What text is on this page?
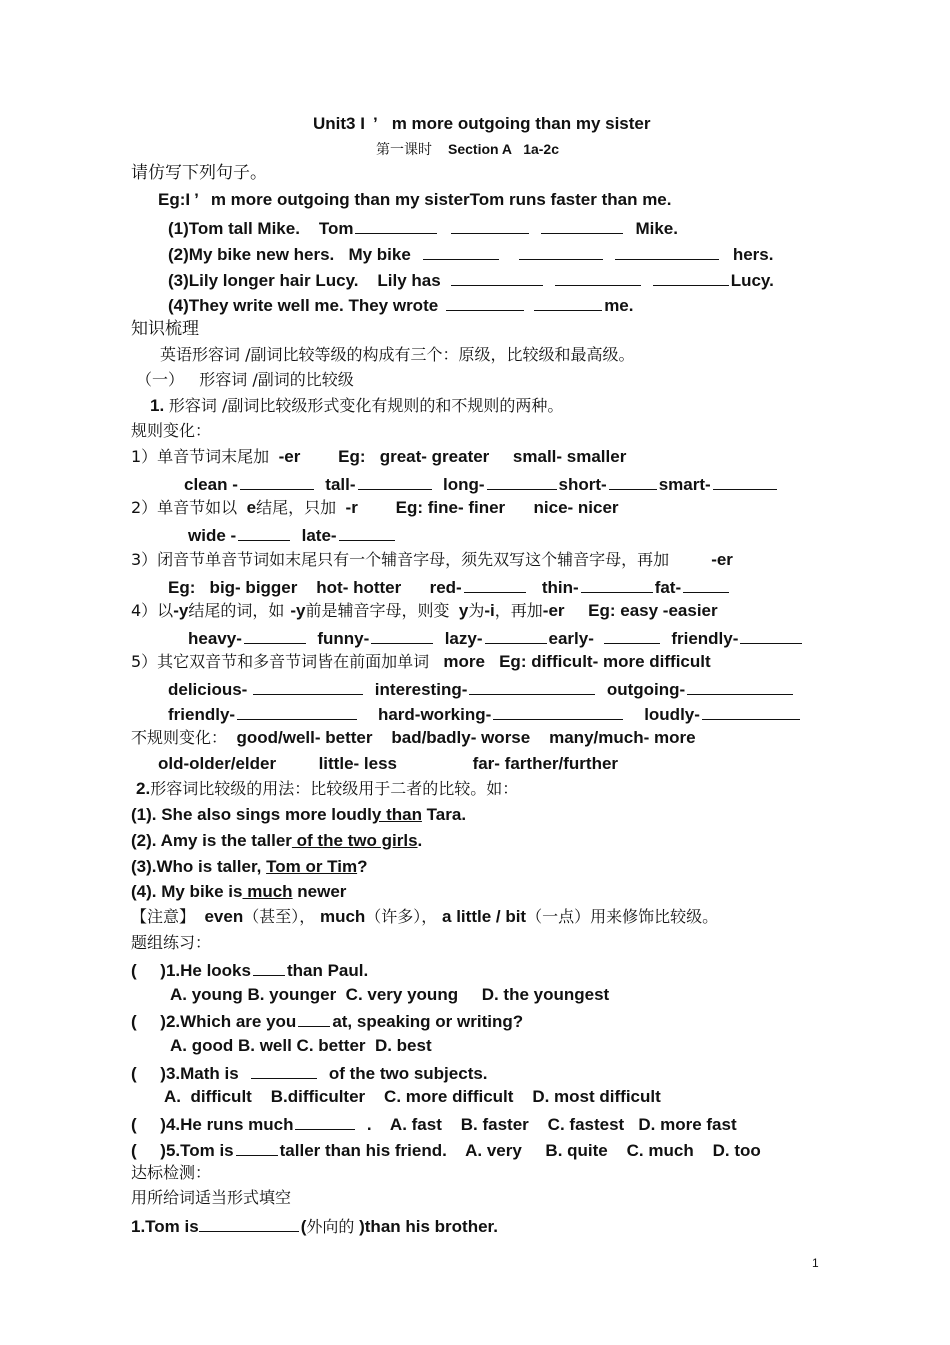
Unit3 I ’ m more outgoing than my sister
第一课时 Section A   1a-2c
请仿写下列句子。
Eg:I ’ m more outgoing than my sisterTom runs faster than me.
(1)Tom tall Mike.    Tom	Mike.
(2)My bike new hers.   My bike	hers.
(3)Lily longer hair Lucy.    Lily has	Lucy.
(4)They write well me. They wrote	me.
知识梳理
英语形容词 /副词比较等级的构成有三个：原级，比较级和最高级。
（一）   形容词 /副词的比较级
1. 形容词 /副词比较级形式变化有规则的和不规则的两种。
规则变化：
1）单音节词末尾加  -er        Eg:   great- greater     small- smaller
clean -	tall-	long-	short-	smart-
2）单音节如以  e结尾，只加  -r        Eg: fine- finer      nice- nicer
wide -	late-
3）闭音节单音节词如末尾只有一个辅音字母，须先双写这个辅音字母，再加 -er
Eg:   big- bigger    hot- hotter      red-	thin-	fat-
4）以-y结尾的词，如 -y前是辅音字母，则变  y为-i，再加-er     Eg: easy -easier
heavy-	funny-	lazy-	early-	friendly-
5）其它双音节和多音节词皆在前面加单词   more   Eg: difficult- more difficult
delicious-	interesting-	outgoing-
friendly-	hard-working-	loudly-
不规则变化：  good/well- better    bad/badly- worse    many/much- more
old-older/elder         little- less                far- farther/further
2.形容词比较级的用法：比较级用于二者的比较。如：
(1). She also sings more loudly than Tara.
(2). Amy is the taller of the two girls.
(3).Who is taller, Tom or Tim?
(4). My bike is much newer
【注意】  even（甚至）， much（许多）， a little / bit（一点）用来修饰比较级。
题组练习：
(     )1.He looks than Paul.
A. young B. younger  C. very young     D. the youngest
(     )2.Which are you at, speaking or writing?
A. good B. well C. better  D. best
(     )3.Math is	of the two subjects.
A.  difficult    B.difficulter    C. more difficult    D. most difficult
(     )4.He runs much	.    A. fast    B. faster    C. fastest   D. more fast
(     )5.Tom is	taller than his friend.    A. very     B. quite    C. much    D. too
达标检测：
用所给词适当形式填空
1.Tom is	(外向的 )than his brother.
1
